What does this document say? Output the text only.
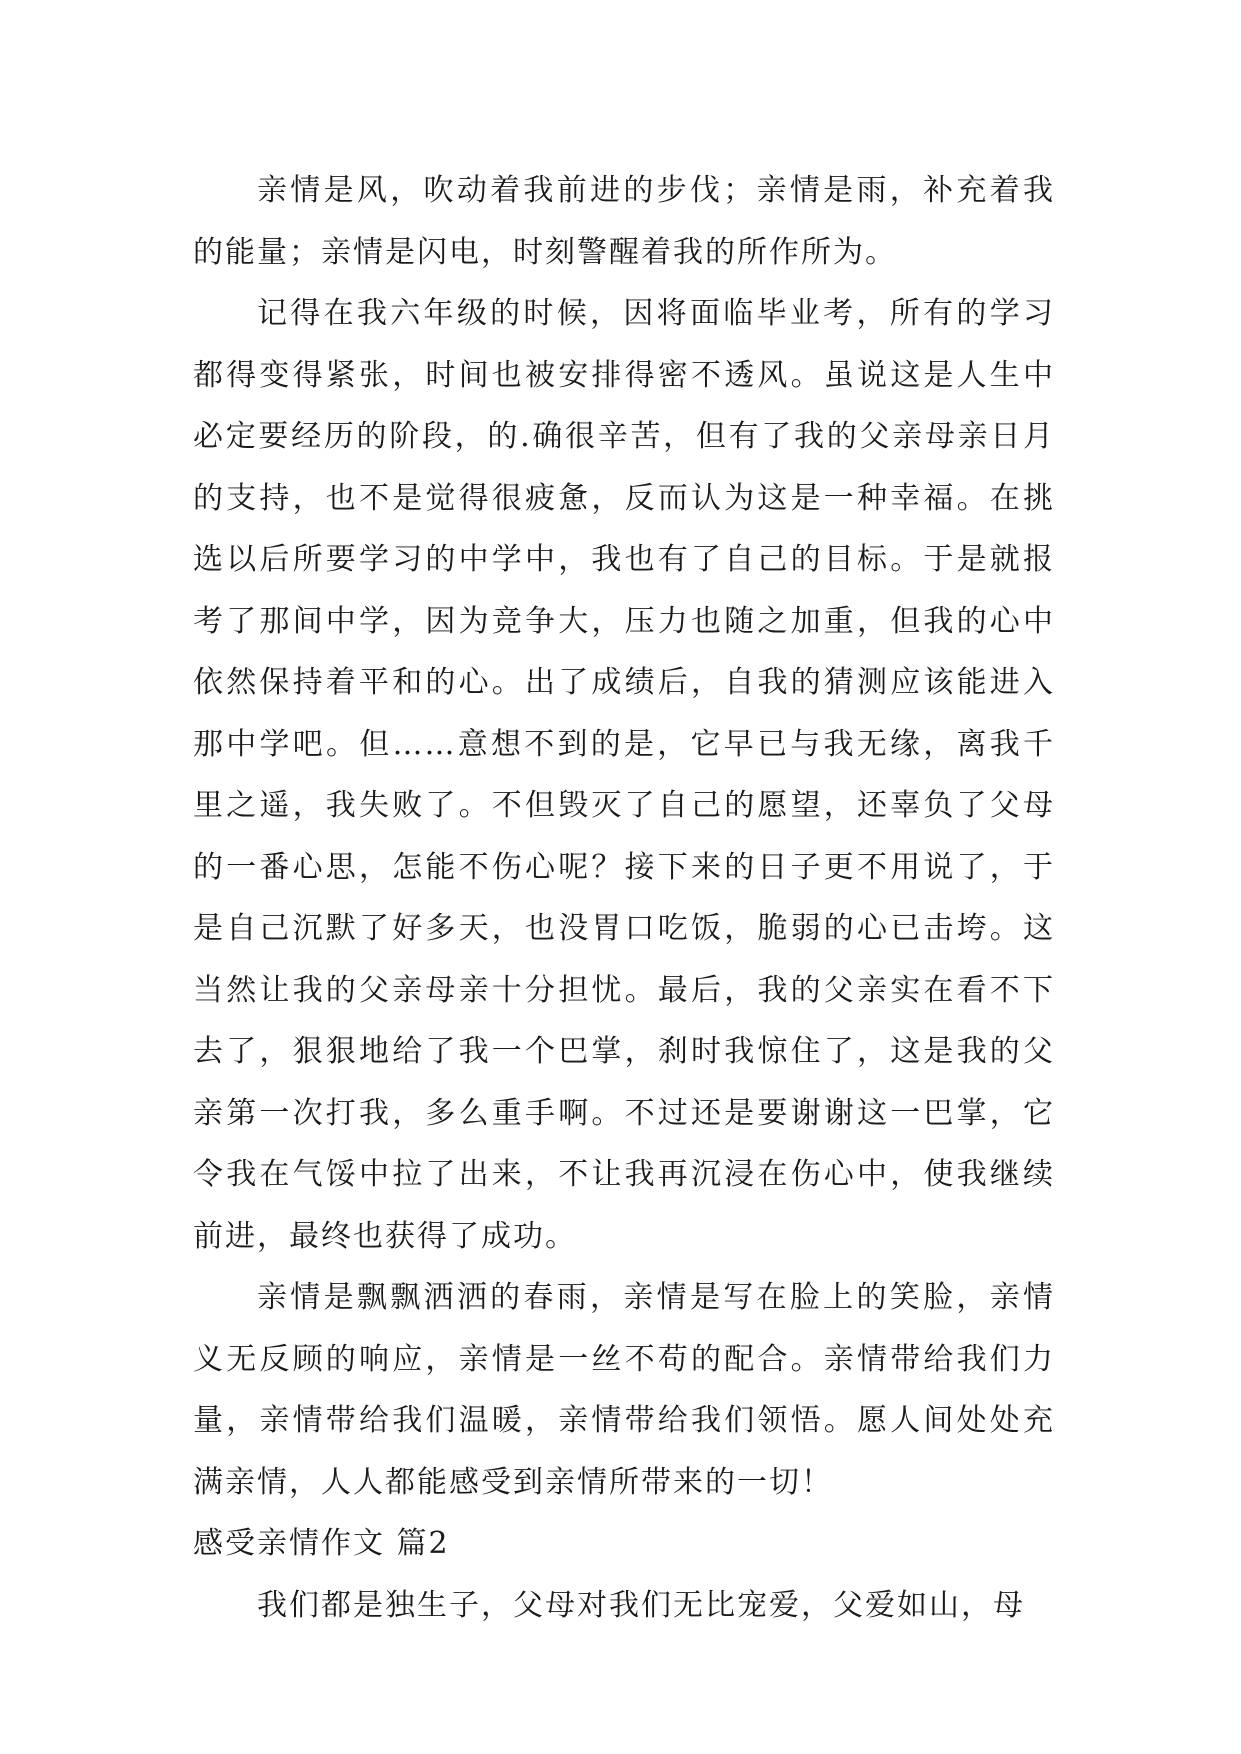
亲情是风，吹动着我前进的步伐；亲情是雨，补充着我的能量；亲情是闪电，时刻警醒着我的所作所为。

记得在我六年级的时候，因将面临毕业考，所有的学习都得变得紧张，时间也被安排得密不透风。虽说这是人生中必定要经历的阶段，的.确很辛苦，但有了我的父亲母亲日月的支持，也不是觉得很疲惫，反而认为这是一种幸福。在挑选以后所要学习的中学中，我也有了自己的目标。于是就报考了那间中学，因为竞争大，压力也随之加重，但我的心中依然保持着平和的心。出了成绩后，自我的猜测应该能进入那中学吧。但……意想不到的是，它早已与我无缘，离我千里之遥，我失败了。不但毁灭了自己的愿望，还辜负了父母的一番心思，怎能不伤心呢？接下来的日子更不用说了，于是自己沉默了好多天，也没胃口吃饭，脆弱的心已击垮。这当然让我的父亲母亲十分担忧。最后，我的父亲实在看不下去了，狠狠地给了我一个巴掌，刹时我惊住了，这是我的父亲第一次打我，多么重手啊。不过还是要谢谢这一巴掌，它令我在气馁中拉了出来，不让我再沉浸在伤心中，使我继续前进，最终也获得了成功。

亲情是飘飘洒洒的春雨，亲情是写在脸上的笑脸，亲情义无反顾的响应，亲情是一丝不苟的配合。亲情带给我们力量，亲情带给我们温暖，亲情带给我们领悟。愿人间处处充满亲情，人人都能感受到亲情所带来的一切！

感受亲情作文 篇2

我们都是独生子，父母对我们无比宠爱，父爱如山，母
